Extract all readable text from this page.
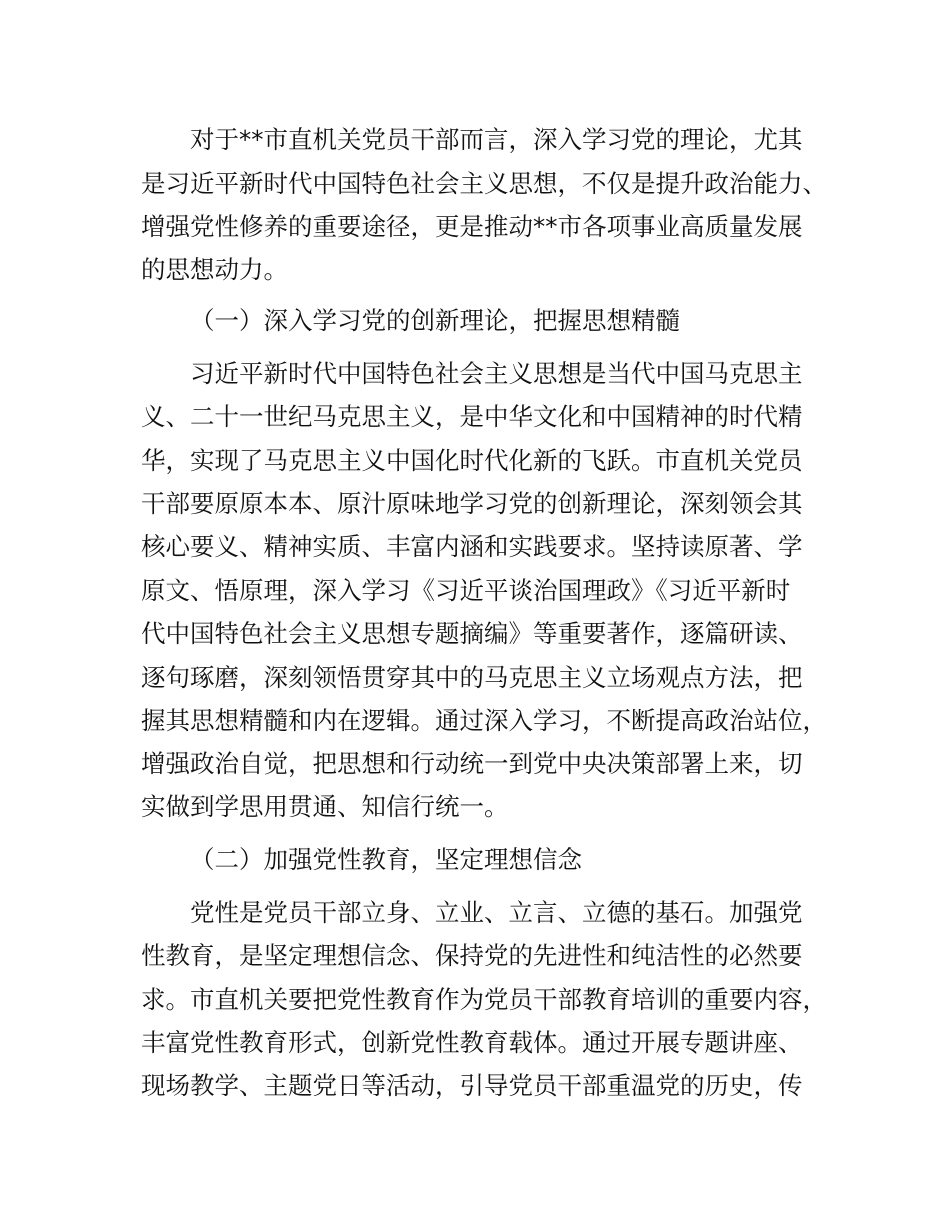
对于**市直机关党员干部而言，深入学习党的理论，尤其
是习近平新时代中国特色社会主义思想，不仅是提升政治能力、
增强党性修养的重要途径，更是推动**市各项事业高质量发展
的思想动力。
（一）深入学习党的创新理论，把握思想精髓
习近平新时代中国特色社会主义思想是当代中国马克思主
义、二十一世纪马克思主义，是中华文化和中国精神的时代精
华，实现了马克思主义中国化时代化新的飞跃。市直机关党员
干部要原原本本、原汁原味地学习党的创新理论，深刻领会其
核心要义、精神实质、丰富内涵和实践要求。坚持读原著、学
原文、悟原理，深入学习《习近平谈治国理政》《习近平新时
代中国特色社会主义思想专题摘编》等重要著作，逐篇研读、
逐句琢磨，深刻领悟贯穿其中的马克思主义立场观点方法，把
握其思想精髓和内在逻辑。通过深入学习，不断提高政治站位，
增强政治自觉，把思想和行动统一到党中央决策部署上来，切
实做到学思用贯通、知信行统一。
（二）加强党性教育，坚定理想信念
党性是党员干部立身、立业、立言、立德的基石。加强党
性教育，是坚定理想信念、保持党的先进性和纯洁性的必然要
求。市直机关要把党性教育作为党员干部教育培训的重要内容，
丰富党性教育形式，创新党性教育载体。通过开展专题讲座、
现场教学、主题党日等活动，引导党员干部重温党的历史，传
